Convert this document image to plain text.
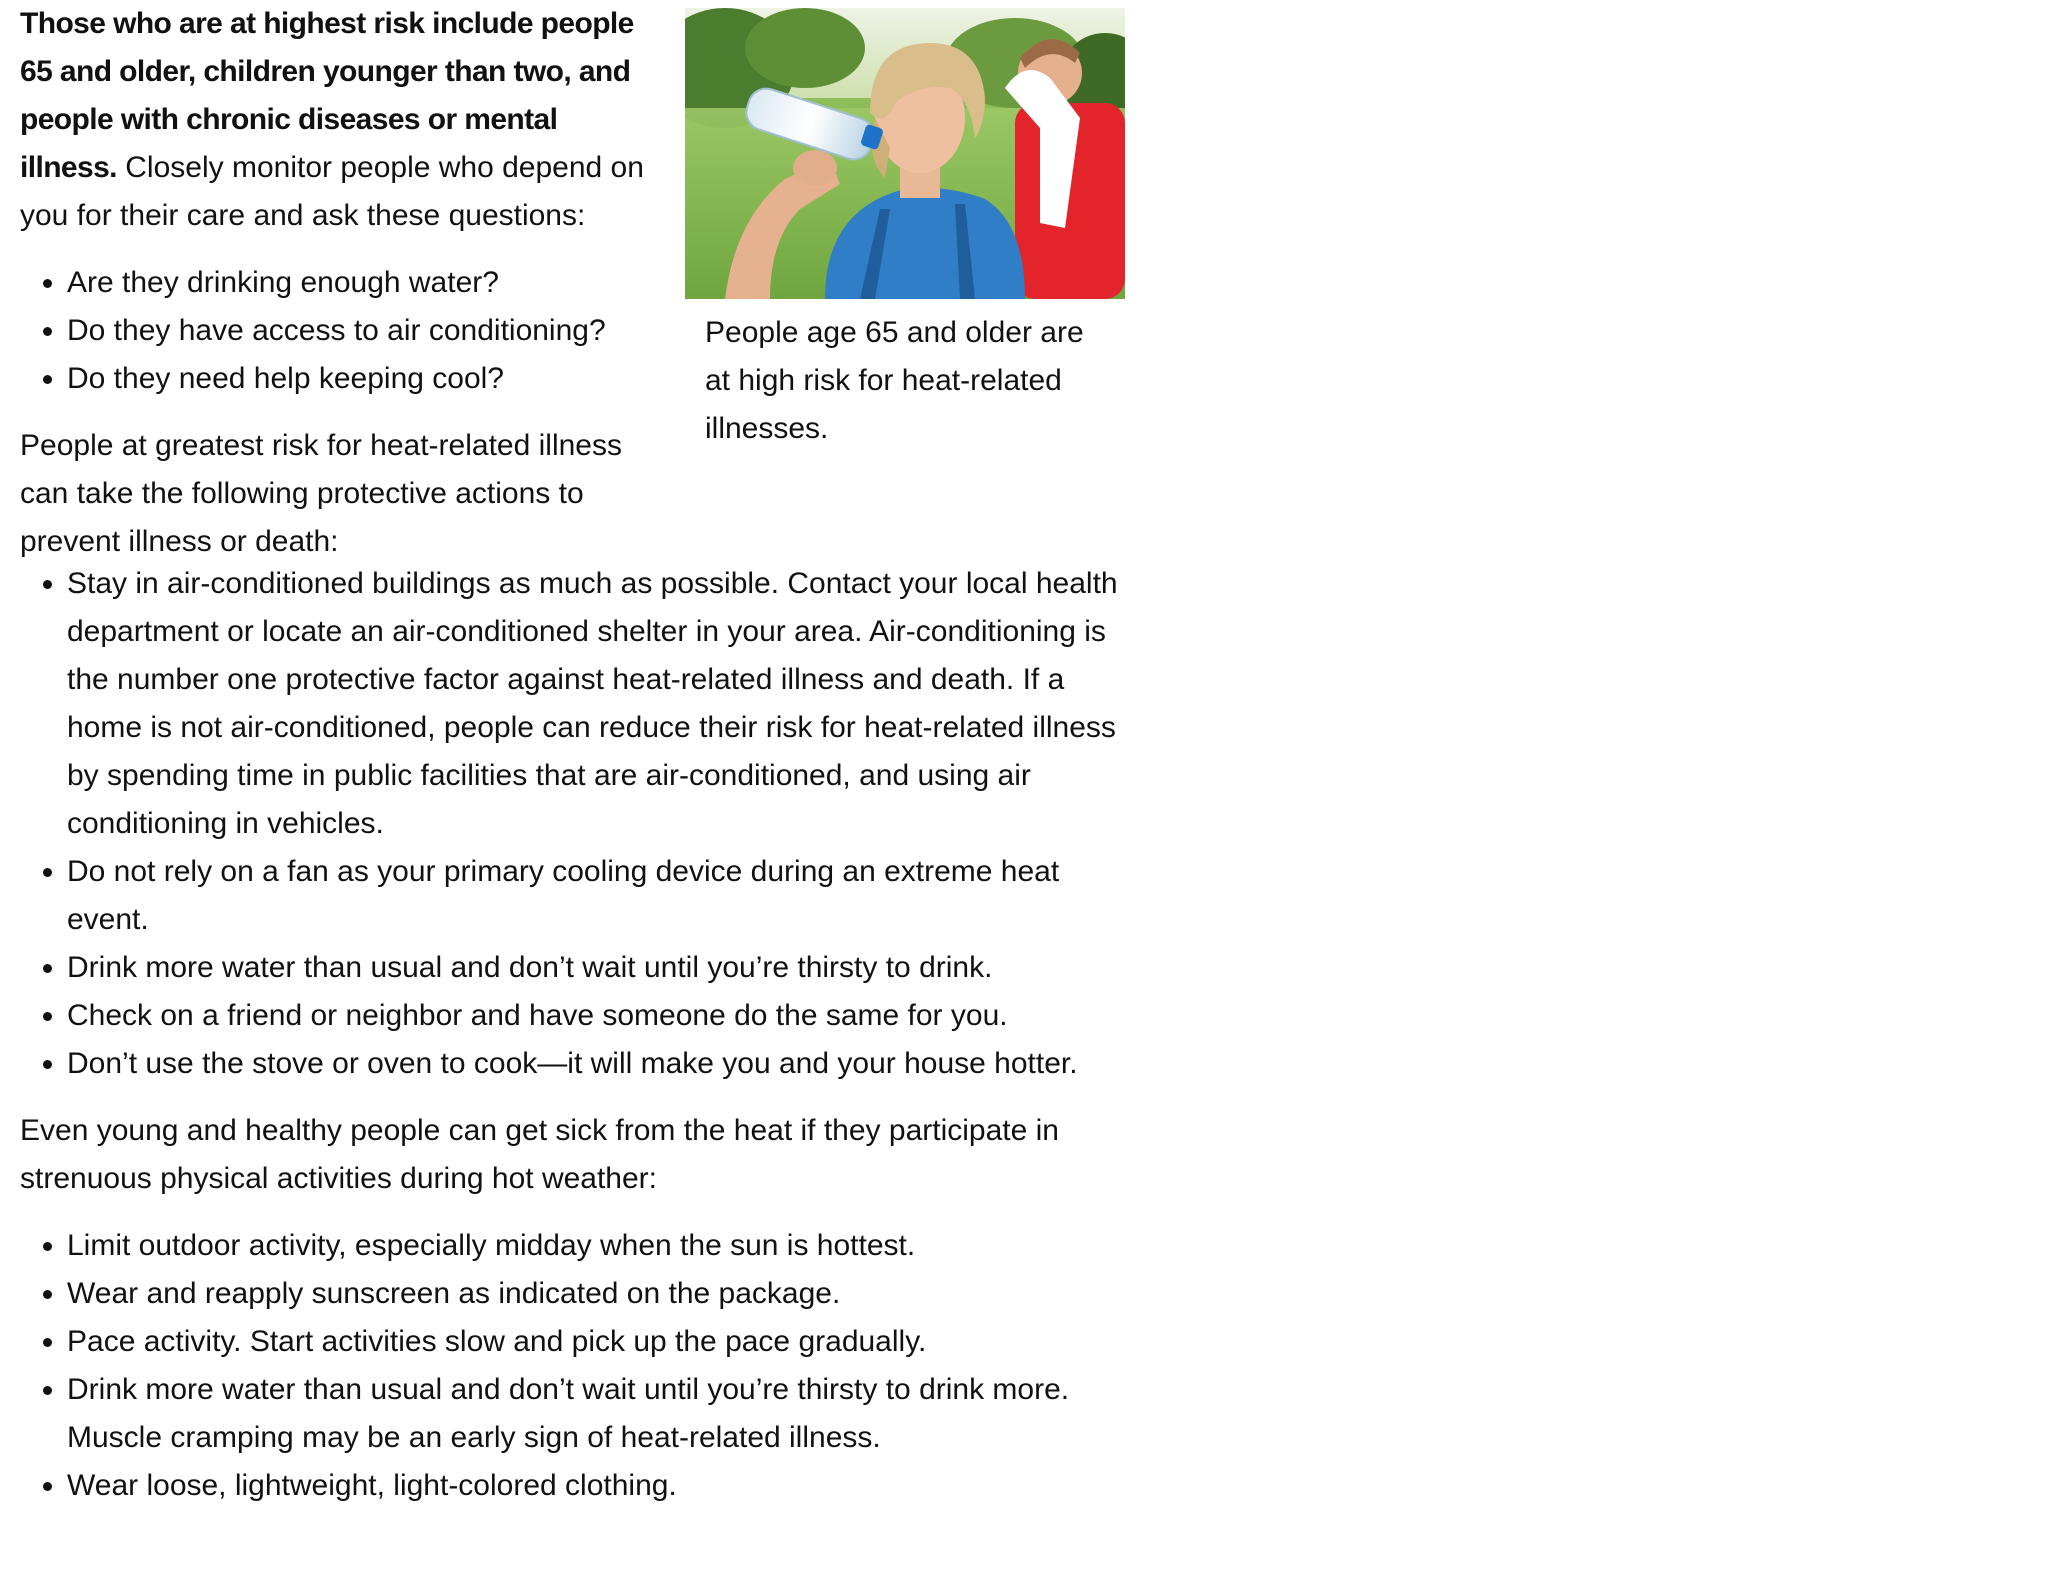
Those who are at highest risk include people 65 and older, children younger than two, and people with chronic diseases or mental illness. Closely monitor people who depend on you for their care and ask these questions:

• Are they drinking enough water?
• Do they have access to air conditioning?
• Do they need help keeping cool?

People at greatest risk for heat-related illness can take the following protective actions to prevent illness or death:

People age 65 and older are at high risk for heat-related illnesses.
• Stay in air-conditioned buildings as much as possible. Contact your local health department or locate an air-conditioned shelter in your area. Air-conditioning is the number one protective factor against heat-related illness and death. If a home is not air-conditioned, people can reduce their risk for heat-related illness by spending time in public facilities that are air-conditioned, and using air conditioning in vehicles.
• Do not rely on a fan as your primary cooling device during an extreme heat event.
• Drink more water than usual and don’t wait until you’re thirsty to drink.
• Check on a friend or neighbor and have someone do the same for you.
• Don’t use the stove or oven to cook—it will make you and your house hotter.

Even young and healthy people can get sick from the heat if they participate in strenuous physical activities during hot weather:

• Limit outdoor activity, especially midday when the sun is hottest.
• Wear and reapply sunscreen as indicated on the package.
• Pace activity. Start activities slow and pick up the pace gradually.
• Drink more water than usual and don’t wait until you’re thirsty to drink more. Muscle cramping may be an early sign of heat-related illness.
• Wear loose, lightweight, light-colored clothing.
